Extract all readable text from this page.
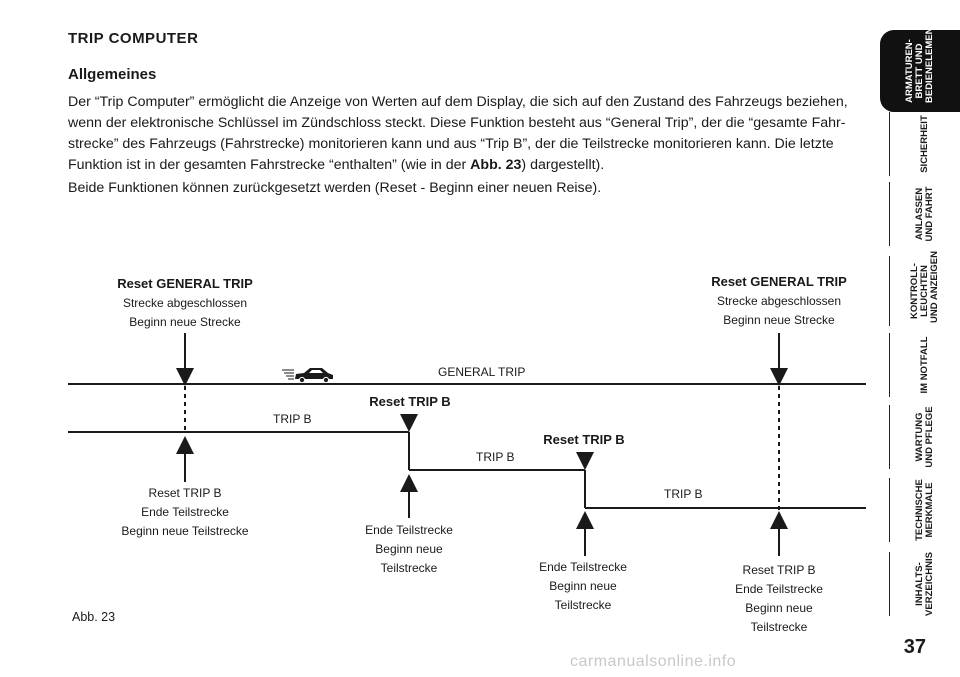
TRIP COMPUTER
Allgemeines
Der “Trip Computer” ermöglicht die Anzeige von Werten auf dem Display, die sich auf den Zustand des Fahrzeugs beziehen, wenn der elektronische Schlüssel im Zündschloss steckt. Diese Funktion besteht aus “General Trip”, der die “gesamte Fahr-strecke” des Fahrzeugs (Fahrstrecke) monitorieren kann und aus “Trip B”, der die Teilstrecke monitorieren kann. Die letzte Funktion ist in der gesamten Fahrstrecke “enthalten” (wie in der Abb. 23) dargestellt).
Beide Funktionen können zurückgesetzt werden (Reset - Beginn einer neuen Reise).
GENERAL TRIP
TRIP B
TRIP B
TRIP B
Reset GENERAL TRIP
Strecke abgeschlossen
Beginn neue Strecke
Reset GENERAL TRIP
Strecke abgeschlossen
Beginn neue Strecke
Reset TRIP B
Reset TRIP B
Reset TRIP B
Ende Teilstrecke
Beginn neue Teilstrecke	Ende Teilstrecke
Beginn neue
Teilstrecke	Ende Teilstrecke
Beginn neue
Teilstrecke
Reset TRIP B
Ende Teilstrecke
Beginn neue
Teilstrecke
Abb. 23
ARMATUREN-
BRETT UND
BEDIENELEMENTE
SICHERHEIT
ANLASSEN
UND FAHRT
KONTROLL-
LEUCHTEN
UND ANZEIGEN
IM NOTFALL
WARTUNG
UND PFLEGE
TECHNISCHE
MERKMALE
INHALTS-
VERZEICHNIS
37
carmanualsonline.info
